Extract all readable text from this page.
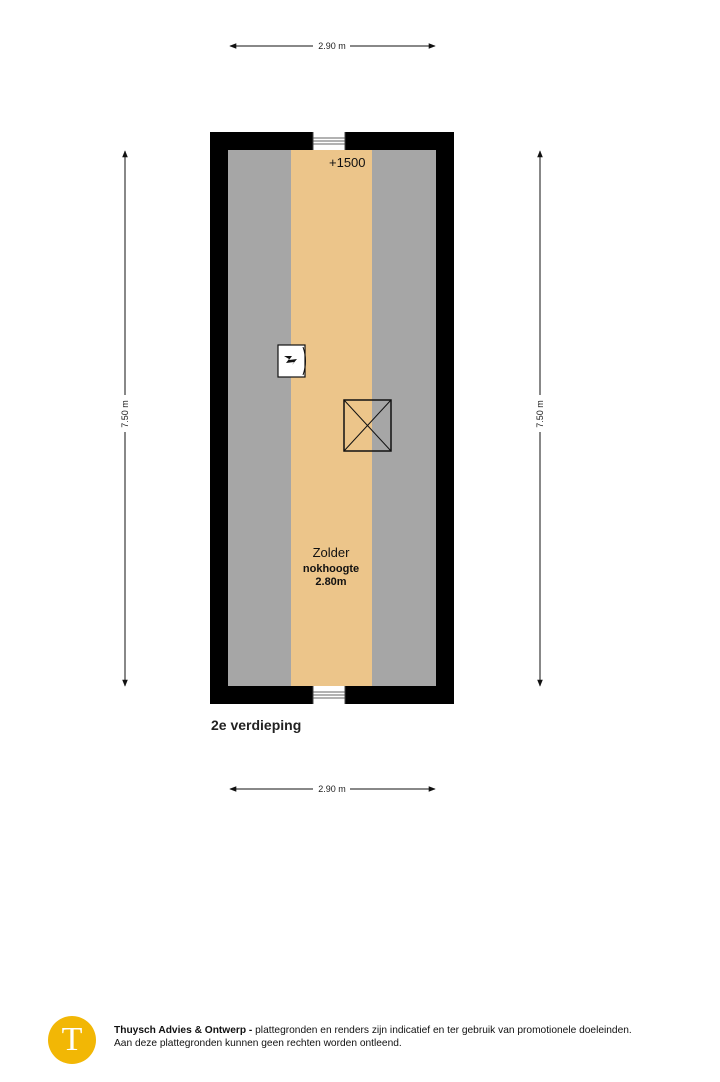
2.90 m
2.90 m
7.50 m	7.50 m
+1500
Zolder
nokhoogte
2.80m
2e verdieping
T	Thuysch Advies & Ontwerp - plattegronden en renders zijn indicatief en ter gebruik van promotionele doeleinden.
Aan deze plattegronden kunnen geen rechten worden ontleend.
